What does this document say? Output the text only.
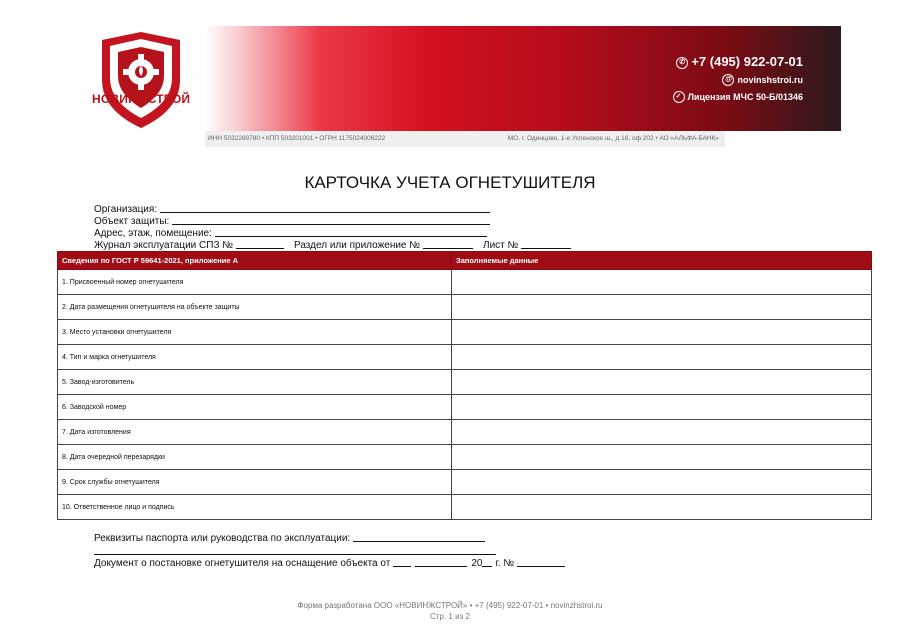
НОВИНЖСТРОЙ
✆ +7 (495) 922-07-01
@ novinshstroi.ru
✓ Лицензия МЧС 50-Б/01346
ИНН 5032269780 • КПП 503201001 • ОГРН 1175024006222	МО, г. Одинцово, 1-е Успенское ш., д.16, оф.202 • АО «АЛЬФА-БАНК»
КАРТОЧКА УЧЕТА ОГНЕТУШИТЕЛЯ
Организация:
Объект защиты:
Адрес, этаж, помещение:
Журнал эксплуатации СПЗ №	Раздел или приложение №	Лист №
Сведения по ГОСТ Р 59641-2021, приложение А	Заполняемые данные
1. Присвоенный номер огнетушителя	
2. Дата размещения огнетушителя на объекте защиты	
3. Место установки огнетушителя	
4. Тип и марка огнетушителя	
5. Завод-изготовитель	
6. Заводской номер	
7. Дата изготовления	
8. Дата очередной перезарядки	
9. Срок службы огнетушителя	
10. Ответственное лицо и подпись	
Реквизиты паспорта или руководства по эксплуатации:
Документ о постановке огнетушителя на оснащение объекта от	20 г. №
Форма разработана ООО «НОВИНЖСТРОЙ» • +7 (495) 922-07-01 • novinzhstroi.ru
Стр. 1 из 2
